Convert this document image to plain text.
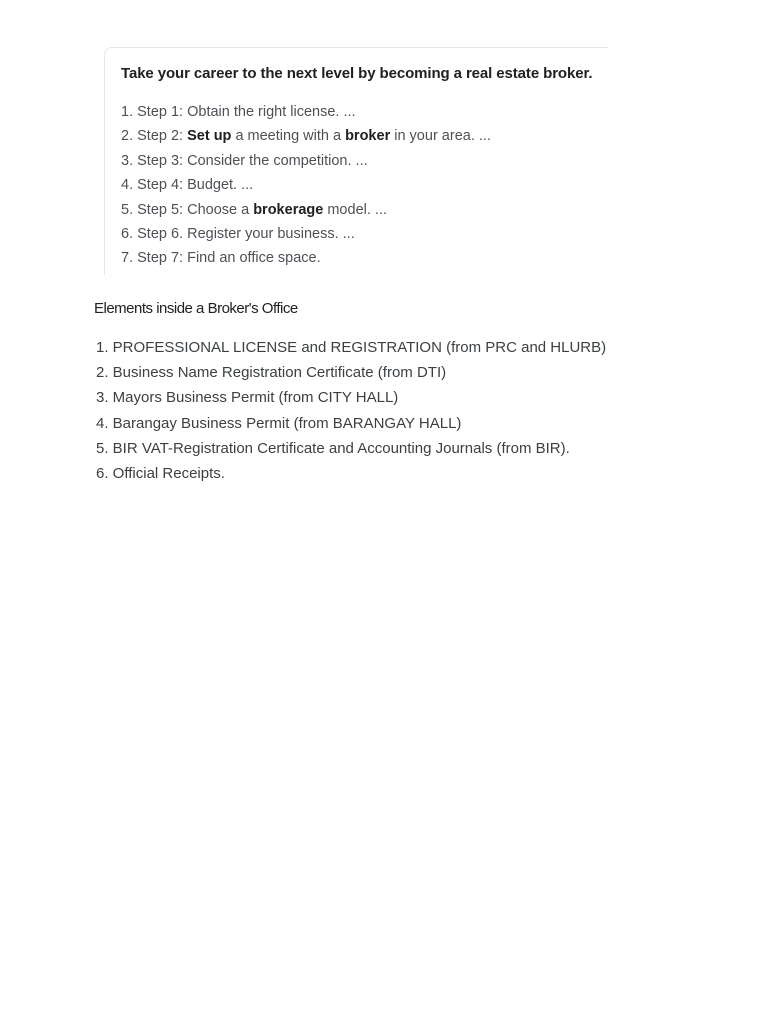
Take your career to the next level by becoming a real estate broker.
1. Step 1: Obtain the right license. ...
2. Step 2: Set up a meeting with a broker in your area. ...
3. Step 3: Consider the competition. ...
4. Step 4: Budget. ...
5. Step 5: Choose a brokerage model. ...
6. Step 6. Register your business. ...
7. Step 7: Find an office space.
Elements inside a Broker's Office
1. PROFESSIONAL LICENSE and REGISTRATION (from PRC and HLURB)
2. Business Name Registration Certificate (from DTI)
3. Mayors Business Permit (from CITY HALL)
4. Barangay Business Permit (from BARANGAY HALL)
5. BIR VAT-Registration Certificate and Accounting Journals (from BIR).
6. Official Receipts.
